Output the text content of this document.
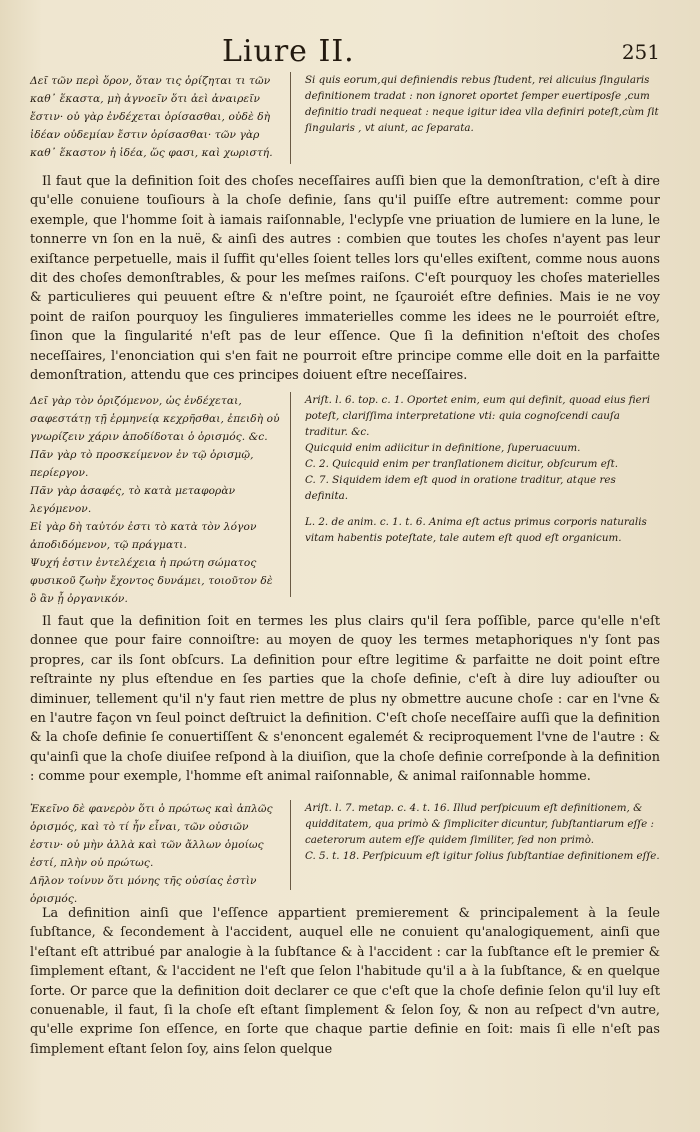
Liure II.	251

Δεῖ τῶν περὶ ὅρον, ὅταν τις ὁρίζηται τι τῶν καθ᾿ ἕκαστα, μὴ ἀγνοεῖν ὅτι ἀεὶ ἀναιρεῖν ἔστιν· οὐ γὰρ ἐνδέχεται ὁρίσασθαι, οὐδὲ δὴ ἰδέαν οὐδεμίαν ἔστιν ὁρίσασθαι· τῶν γὰρ καθ᾿ ἕκαστον ἡ ἰδέα, ὥς φασι, καὶ χωριστή.

Si quis eorum,qui definiendis rebus ſtudent, rei alicuius ſingularis definitionem tradat : non ignoret oportet ſemper euertiposſe ,cum definitio tradi nequeat : neque igitur idea vlla definiri poteſt,cùm ſit ſingularis , vt aiunt, ac ſeparata.

Il faut que la definition ſoit des choſes neceſſaires auſſi bien que la demonſtration, c'eſt à dire qu'elle conuiene touſiours à la choſe definie, ſans qu'il puiſſe eſtre autrement: comme pour exemple, que l'homme ſoit à iamais raiſonnable, l'eclypſe vne priuation de lumiere en la lune, le tonnerre vn ſon en la nuë, & ainſi des autres : combien que toutes les choſes n'ayent pas leur exiſtance perpetuelle, mais il ſuffit qu'elles ſoient telles lors qu'elles exiſtent, comme nous auons dit des choſes demonſtrables, & pour les meſmes raiſons. C'eſt pourquoy les choſes materielles & particulieres qui peuuent eſtre & n'eſtre point, ne ſçauroiét eſtre definies. Mais ie ne voy point de raiſon pourquoy les ſingulieres immaterielles comme les idees ne le pourroiét eſtre, ſinon que la ſingularité n'eſt pas de leur eſſence. Que ſi la definition n'eſtoit des choſes neceſſaires, l'enonciation qui s'en fait ne pourroit eſtre principe comme elle doit en la parfaitte demonſtration, attendu que ces principes doiuent eſtre neceſſaires.

Δεῖ γὰρ τὸν ὁριζόμενον, ὡς ἐνδέχεται, σαφεστάτῃ τῇ ἑρμηνείᾳ κεχρῆσθαι, ἐπειδὴ οὐ γνωρίζειν χάριν ἀποδίδοται ὁ ὁρισμός. &c.

Πᾶν γὰρ τὸ προσκείμενον ἐν τῷ ὁρισμῷ, περίεργον.

Πᾶν γὰρ ἀσαφές, τὸ κατὰ μεταφορὰν λεγόμενον.

Εἰ γὰρ δὴ ταὐτόν ἐστι τὸ κατὰ τὸν λόγον ἀποδιδόμενον, τῷ πράγματι.

Ψυχή ἐστιν ἐντελέχεια ἡ πρώτη σώματος φυσικοῦ ζωὴν ἔχοντος δυνάμει, τοιοῦτον δὲ ὃ ἂν ᾖ ὀργανικόν.

Ariſt. l. 6. top. c. 1. Oportet enim, eum qui definit, quoad eius fieri poteſt, clariſſima interpretatione vti: quia cognoſcendi cauſa traditur. &c.

Quicquid enim adiicitur in definitione, ſuperuacuum.

C. 2. Quicquid enim per tranſlationem dicitur, obſcurum eſt.

C. 7. Siquidem idem eſt quod in oratione traditur, atque res definita.

L. 2. de anim. c. 1. t. 6. Anima eſt actus primus corporis naturalis vitam habentis poteſtate, tale autem eſt quod eſt organicum.

Il faut que la definition ſoit en termes les plus clairs qu'il ſera poſſible, parce qu'elle n'eſt donnee que pour faire connoiſtre: au moyen de quoy les termes metaphoriques n'y ſont pas propres, car ils ſont obſcurs. La definition pour eſtre legitime & parfaitte ne doit point eſtre reſtrainte ny plus eſtendue en ſes parties que la choſe definie, c'eſt à dire luy adiouſter ou diminuer, tellement qu'il n'y faut rien mettre de plus ny obmettre aucune choſe : car en l'vne & en l'autre façon vn ſeul poinct deſtruict la definition. C'eſt choſe neceſſaire auſſi que la definition & la choſe definie ſe conuertiſſent & s'enoncent egalemét & reciproquement l'vne de l'autre : & qu'ainſi que la choſe diuiſee reſpond à la diuiſion, que la choſe definie correſponde à la definition : comme pour exemple, l'homme eſt animal raiſonnable, & animal raiſonnable homme.

Ἐκεῖνο δὲ φανερὸν ὅτι ὁ πρώτως καὶ ἁπλῶς ὁρισμός, καὶ τὸ τί ἦν εἶναι, τῶν οὐσιῶν ἐστιν· οὐ μὴν ἀλλὰ καὶ τῶν ἄλλων ὁμοίως ἐστί, πλὴν οὐ πρώτως.

Δῆλον τοίνυν ὅτι μόνης τῆς οὐσίας ἐστὶν ὁρισμός.

Ariſt. l. 7. metap. c. 4. t. 16. Illud perſpicuum eſt definitionem, & quidditatem, qua primò & ſimpliciter dicuntur, ſubſtantiarum eſſe : caeterorum autem eſſe quidem ſimiliter, ſed non primò.

C. 5. t. 18. Perſpicuum eſt igitur ſolius ſubſtantiae definitionem eſſe.

La definition ainſi que l'eſſence appartient premierement & principalement à la ſeule ſubſtance, & ſecondement à l'accident, auquel elle ne conuient qu'analogiquement, ainſi que l'eſtant eſt attribué par analogie à la ſubſtance & à l'accident : car la ſubſtance eſt le premier & ſimplement eſtant, & l'accident ne l'eſt que ſelon l'habitude qu'il a à la ſubſtance, & en quelque ſorte. Or parce que la definition doit declarer ce que c'eſt que la choſe definie ſelon qu'il luy eſt conuenable, il faut, ſi la choſe eſt eſtant ſimplement & ſelon ſoy, & non au reſpect d'vn autre, qu'elle exprime ſon eſſence, en ſorte que chaque partie definie en ſoit: mais ſi elle n'eſt pas ſimplement eſtant ſelon ſoy, ains ſelon quelque
